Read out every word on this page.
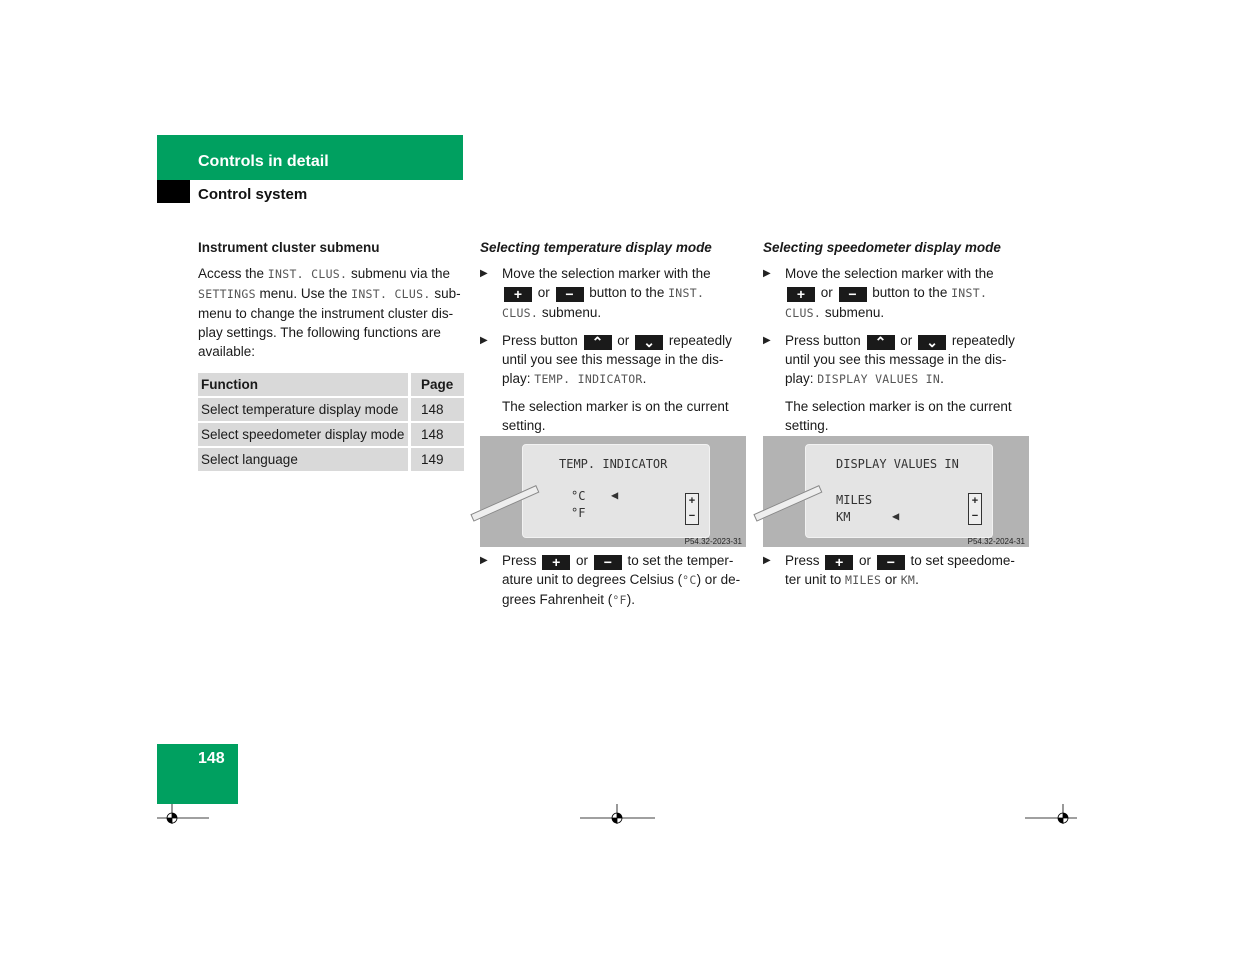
Controls in detail
Control system
Instrument cluster submenu

Access the INST. CLUS. submenu via the SETTINGS menu. Use the INST. CLUS. sub-menu to change the instrument cluster dis-play settings. The following functions are available:

Function	Page
Select temperature display mode	148
Select speedometer display mode	148
Select language	149
Selecting temperature display mode
▶ Move the selection marker with the + or − button to the INST. CLUS. submenu.
▶ Press button ⌃ or ⌄ repeatedly until you see this message in the dis-play: TEMP. INDICATOR.

The selection marker is on the current setting.

TEMP. INDICATOR
°C
°F
◀	+
−
P54.32-2023-31
▶ Press + or − to set the temper-ature unit to degrees Celsius (°C) or de-grees Fahrenheit (°F).
Selecting speedometer display mode
▶ Move the selection marker with the + or − button to the INST. CLUS. submenu.
▶ Press button ⌃ or ⌄ repeatedly until you see this message in the dis-play: DISPLAY VALUES IN.

The selection marker is on the current setting.

DISPLAY VALUES IN
MILES
KM	◀
+
−
P54.32-2024-31
▶ Press + or − to set speedome-ter unit to MILES or KM.
148
